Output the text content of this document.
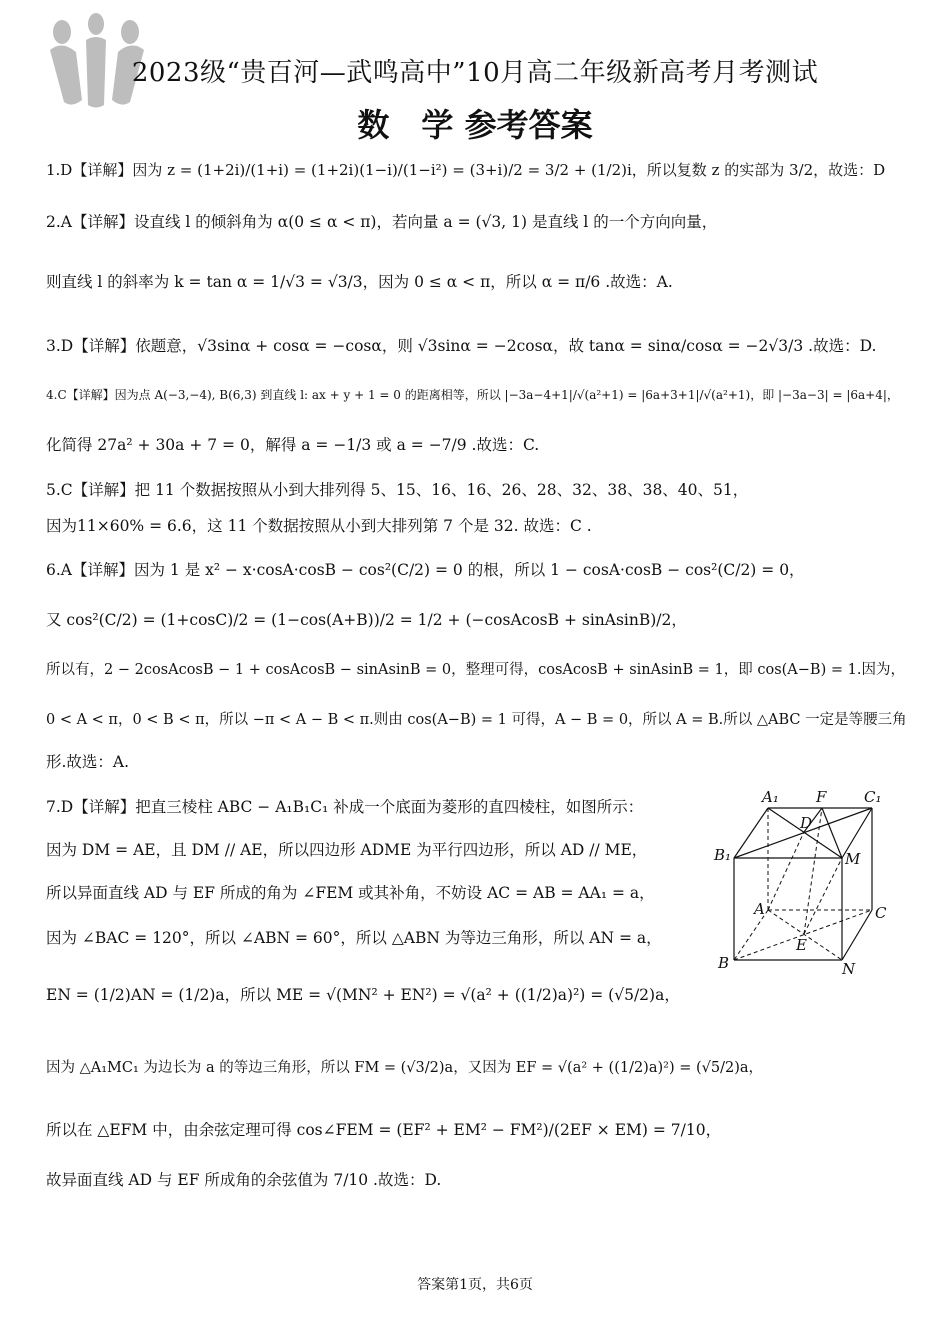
2023级“贵百河—武鸣高中”10月高二年级新高考月考测试
数　学 参考答案
1.D【详解】因为 z = (1+2i)/(1+i) = (1+2i)(1−i)/(1−i²) = (3+i)/2 = 3/2 + (1/2)i，所以复数 z 的实部为 3/2，故选：D
2.A【详解】设直线 l 的倾斜角为 α(0 ≤ α < π)，若向量 a = (√3, 1) 是直线 l 的一个方向向量，
则直线 l 的斜率为 k = tan α = 1/√3 = √3/3，因为 0 ≤ α < π，所以 α = π/6 .故选：A.
3.D【详解】依题意，√3sinα + cosα = −cosα，则 √3sinα = −2cosα，故 tanα = sinα/cosα = −2√3/3 .故选：D.
4.C【详解】因为点 A(−3,−4), B(6,3) 到直线 l: ax + y + 1 = 0 的距离相等，所以 |−3a−4+1|/√(a²+1) = |6a+3+1|/√(a²+1)，即 |−3a−3| = |6a+4|，
化简得 27a² + 30a + 7 = 0，解得 a = −1/3 或 a = −7/9 .故选：C.
5.C【详解】把 11 个数据按照从小到大排列得 5、15、16、16、26、28、32、38、38、40、51，
因为11×60% = 6.6，这 11 个数据按照从小到大排列第 7 个是 32. 故选：C .
6.A【详解】因为 1 是 x² − x·cosA·cosB − cos²(C/2) = 0 的根，所以 1 − cosA·cosB − cos²(C/2) = 0，
又 cos²(C/2) = (1+cosC)/2 = (1−cos(A+B))/2 = 1/2 + (−cosAcosB + sinAsinB)/2，
所以有，2 − 2cosAcosB − 1 + cosAcosB − sinAsinB = 0，整理可得，cosAcosB + sinAsinB = 1，即 cos(A−B) = 1.因为，
0 < A < π，0 < B < π，所以 −π < A − B < π.则由 cos(A−B) = 1 可得，A − B = 0，所以 A = B.所以 △ABC 一定是等腰三角
形.故选：A.
7.D【详解】把直三棱柱 ABC − A₁B₁C₁ 补成一个底面为菱形的直四棱柱，如图所示：
因为 DM = AE，且 DM // AE，所以四边形 ADME 为平行四边形，所以 AD // ME，
所以异面直线 AD 与 EF 所成的角为 ∠FEM 或其补角，不妨设 AC = AB = AA₁ = a，
因为 ∠BAC = 120°，所以 ∠ABN = 60°，所以 △ABN 为等边三角形，所以 AN = a，
EN = (1/2)AN = (1/2)a，所以 ME = √(MN² + EN²) = √(a² + ((1/2)a)²) = (√5/2)a，
因为 △A₁MC₁ 为边长为 a 的等边三角形，所以 FM = (√3/2)a，又因为 EF = √(a² + ((1/2)a)²) = (√5/2)a，
所以在 △EFM 中，由余弦定理可得 cos∠FEM = (EF² + EM² − FM²)/(2EF × EM) = 7/10，
故异面直线 AD 与 EF 所成角的余弦值为 7/10 .故选：D.
A₁ F	C₁
D
B₁	M
A	C
E
B	N
答案第1页，共6页
